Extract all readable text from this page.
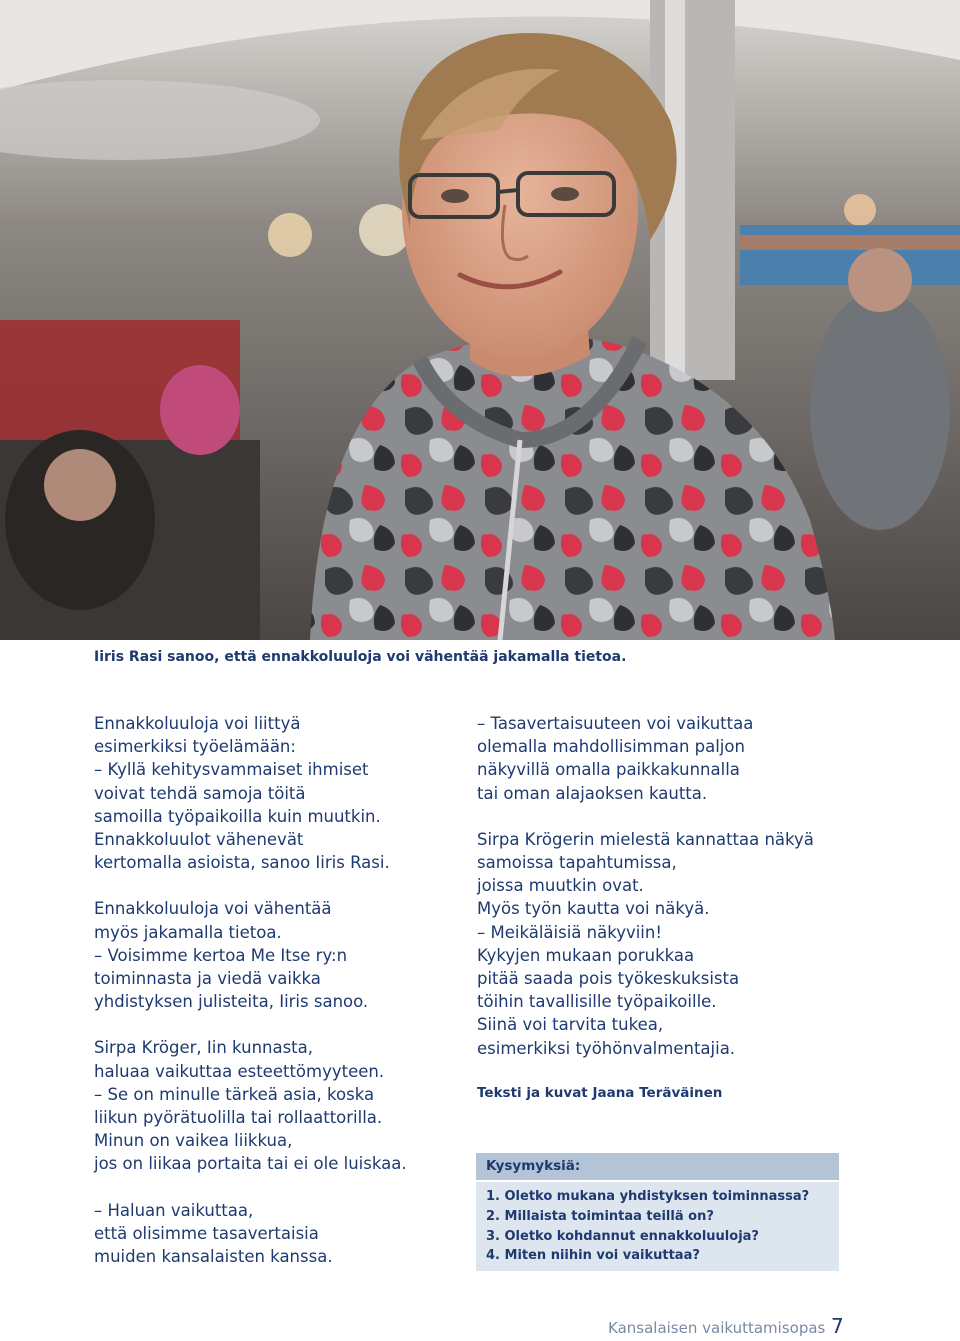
Iiris Rasi sanoo, että ennakkoluuloja voi vähentää jakamalla tietoa.

Ennakkoluuloja voi liittyä
esimerkiksi työelämään:
– Kyllä kehitysvammaiset ihmiset
voivat tehdä samoja töitä
samoilla työpaikoilla kuin muutkin.
Ennakkoluulot vähenevät
kertomalla asioista, sanoo Iiris Rasi.

Ennakkoluuloja voi vähentää
myös jakamalla tietoa.
– Voisimme kertoa Me Itse ry:n
toiminnasta ja viedä vaikka
yhdistyksen julisteita, Iiris sanoo.

Sirpa Kröger, Iin kunnasta,
haluaa vaikuttaa esteettömyyteen.
– Se on minulle tärkeä asia, koska
liikun pyörätuolilla tai rollaattorilla.
Minun on vaikea liikkua,
jos on liikaa portaita tai ei ole luiskaa.

– Haluan vaikuttaa,
että olisimme tasavertaisia
muiden kansalaisten kanssa.

– Tasavertaisuuteen voi vaikuttaa
olemalla mahdollisimman paljon
näkyvillä omalla paikkakunnalla
tai oman alajaoksen kautta.

Sirpa Krögerin mielestä kannattaa näkyä
samoissa tapahtumissa,
joissa muutkin ovat.
Myös työn kautta voi näkyä.
– Meikäläisiä näkyviin!
Kykyjen mukaan porukkaa
pitää saada pois työkeskuksista
töihin tavallisille työpaikoille.
Siinä voi tarvita tukea,
esimerkiksi työhönvalmentajia.

Teksti ja kuvat Jaana Teräväinen

Kysymyksiä:
1. Oletko mukana yhdistyksen toiminnassa?
2. Millaista toimintaa teillä on?
3. Oletko kohdannut ennakkoluuloja?
4. Miten niihin voi vaikuttaa?
Kansalaisen vaikuttamisopas 7
